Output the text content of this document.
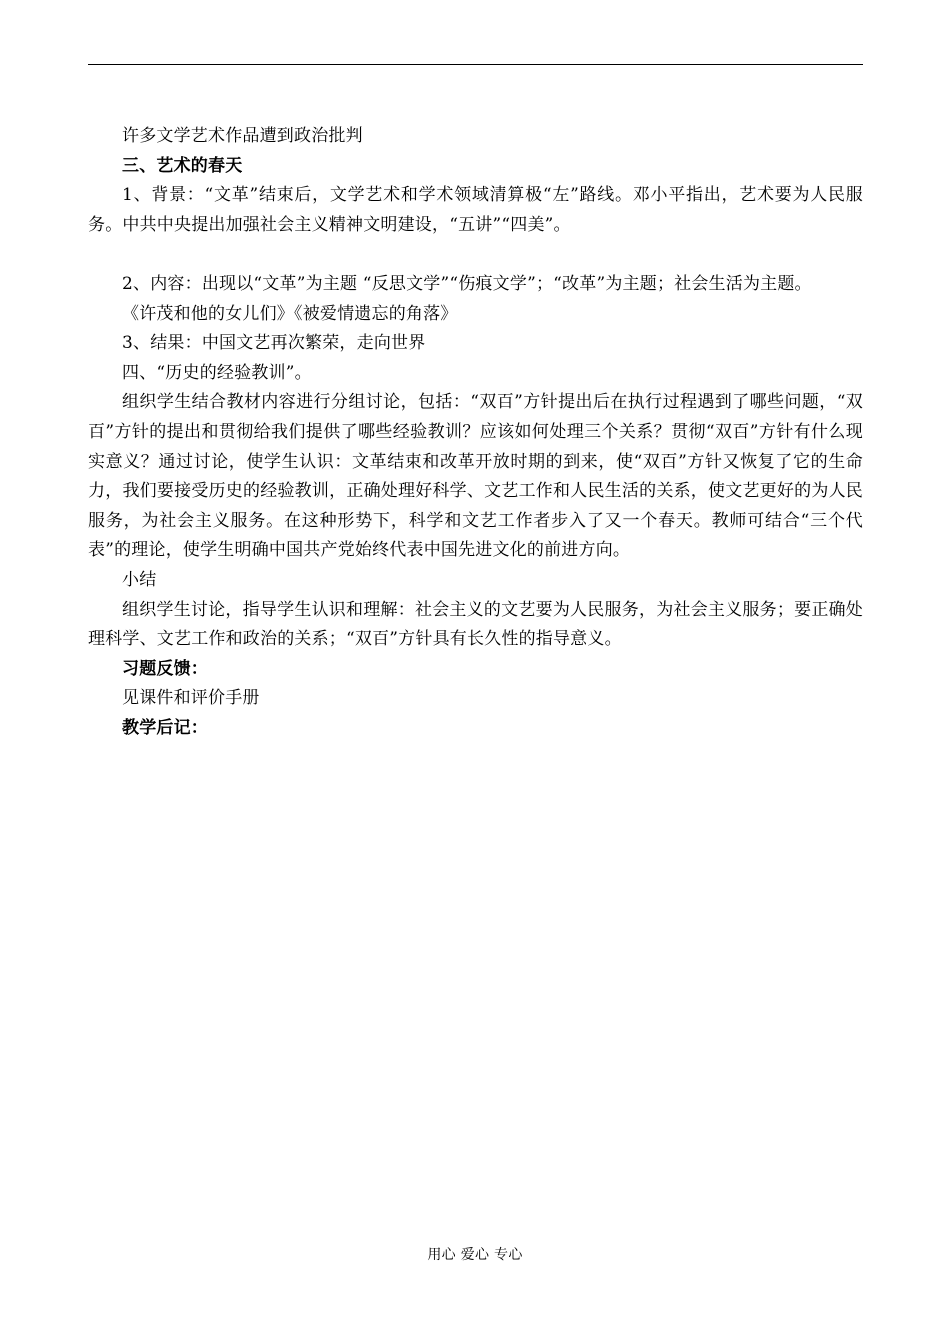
许多文学艺术作品遭到政治批判

三、艺术的春天

1、背景：“文革”结束后，文学艺术和学术领域清算极“左”路线。邓小平指出，艺术要为人民服务。中共中央提出加强社会主义精神文明建设，“五讲”“四美”。

2、内容：出现以“文革”为主题 “反思文学”“伤痕文学”；“改革”为主题；社会生活为主题。

《许茂和他的女儿们》《被爱情遗忘的角落》

3、结果：中国文艺再次繁荣，走向世界

四、“历史的经验教训”。

组织学生结合教材内容进行分组讨论，包括：“双百”方针提出后在执行过程遇到了哪些问题，“双百”方针的提出和贯彻给我们提供了哪些经验教训？应该如何处理三个关系？贯彻“双百”方针有什么现实意义？通过讨论，使学生认识：文革结束和改革开放时期的到来，使“双百”方针又恢复了它的生命力，我们要接受历史的经验教训，正确处理好科学、文艺工作和人民生活的关系，使文艺更好的为人民服务，为社会主义服务。在这种形势下，科学和文艺工作者步入了又一个春天。教师可结合“三个代表”的理论，使学生明确中国共产党始终代表中国先进文化的前进方向。

小结

组织学生讨论，指导学生认识和理解：社会主义的文艺要为人民服务，为社会主义服务；要正确处理科学、文艺工作和政治的关系；“双百”方针具有长久性的指导意义。

习题反馈：

见课件和评价手册

教学后记：

用心 爱心 专心
